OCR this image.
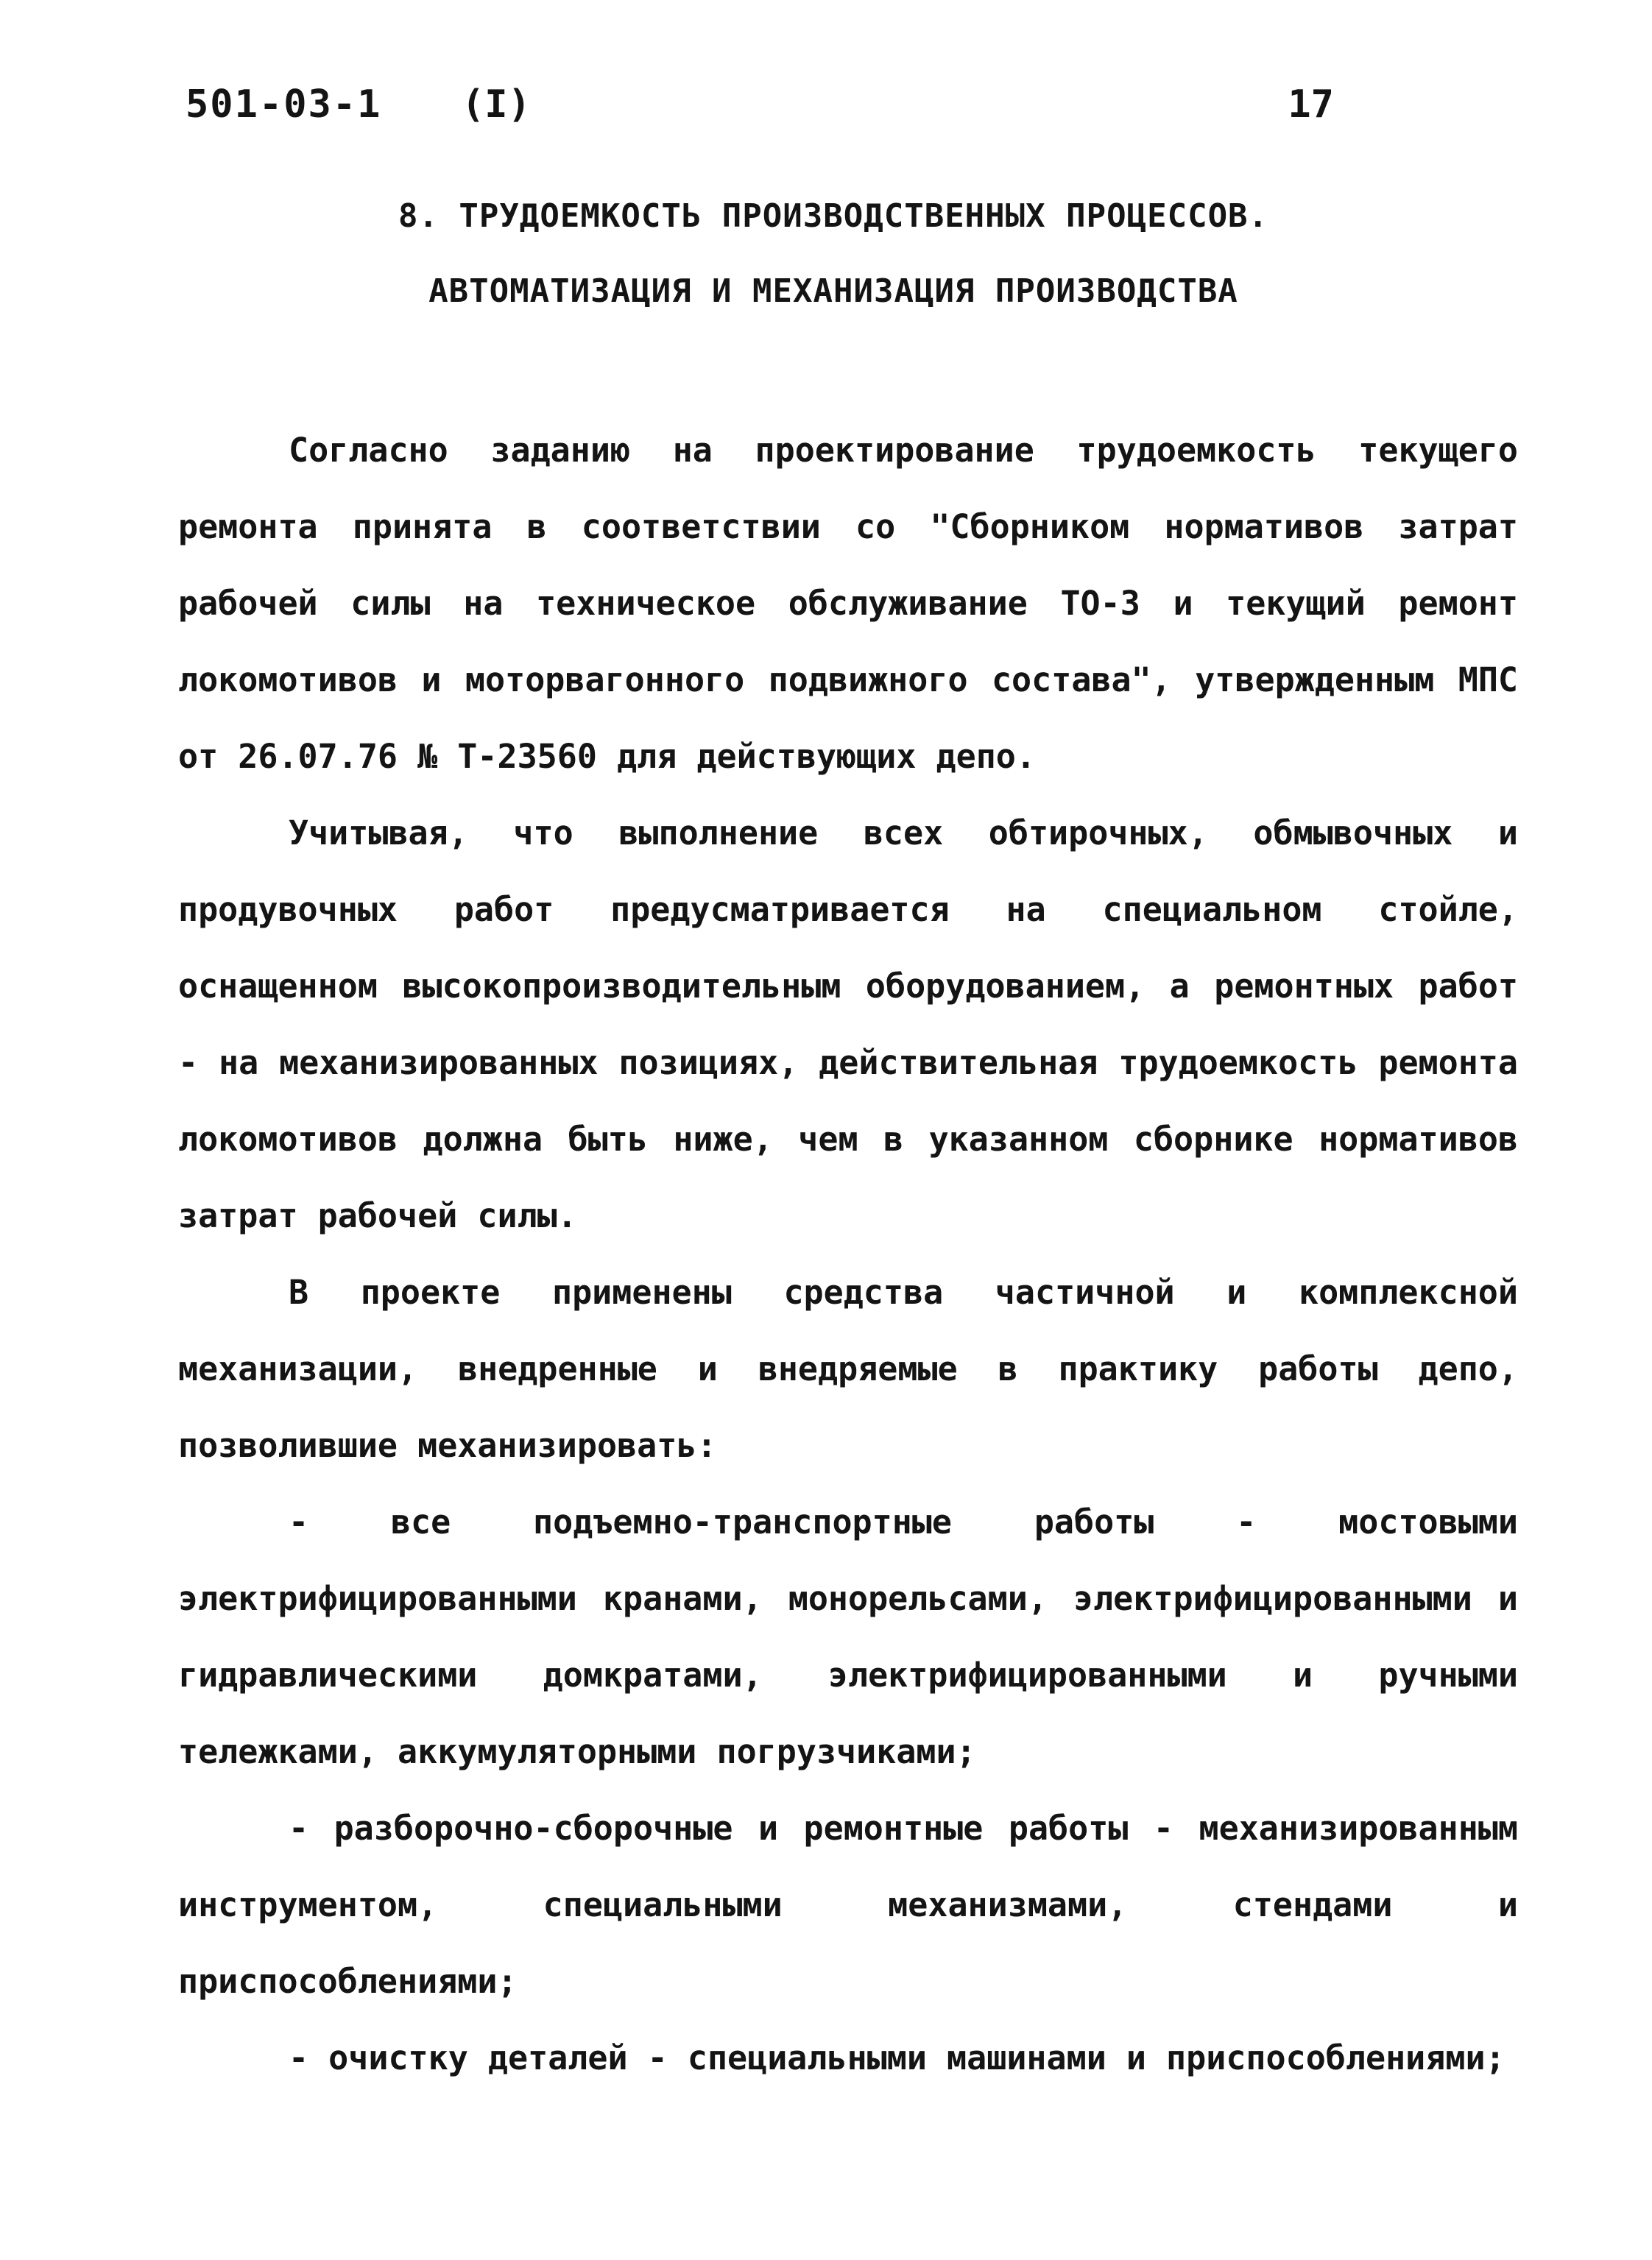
501-03-1 (I)	17
8. ТРУДОЕМКОСТЬ ПРОИЗВОДСТВЕННЫХ ПРОЦЕССОВ.
АВТОМАТИЗАЦИЯ И МЕХАНИЗАЦИЯ ПРОИЗВОДСТВА

Согласно заданию на проектирование трудоемкость текущего ремонта принята в соответствии со "Сборником нормативов затрат рабочей силы на техническое обслуживание ТО-3 и текущий ремонт локомотивов и моторвагонного подвижного состава", утвержденным МПС от 26.07.76 № Т-23560 для действующих депо.

Учитывая, что выполнение всех обтирочных, обмывочных и продувочных работ предусматривается на специальном стойле, оснащенном высокопроизводительным оборудованием, а ремонтных работ - на механизированных позициях, действительная трудоемкость ремонта локомотивов должна быть ниже, чем в указанном сборнике нормативов затрат рабочей силы.

В проекте применены средства частичной и комплексной механизации, внедренные и внедряемые в практику работы депо, позволившие механизировать:

- все подъемно-транспортные работы - мостовыми электрифицированными кранами, монорельсами, электрифицированными и гидравлическими домкратами, электрифицированными и ручными тележками, аккумуляторными погрузчиками;

- разборочно-сборочные и ремонтные работы - механизированным инструментом, специальными механизмами, стендами и приспособлениями;

- очистку деталей - специальными машинами и приспособлениями;
